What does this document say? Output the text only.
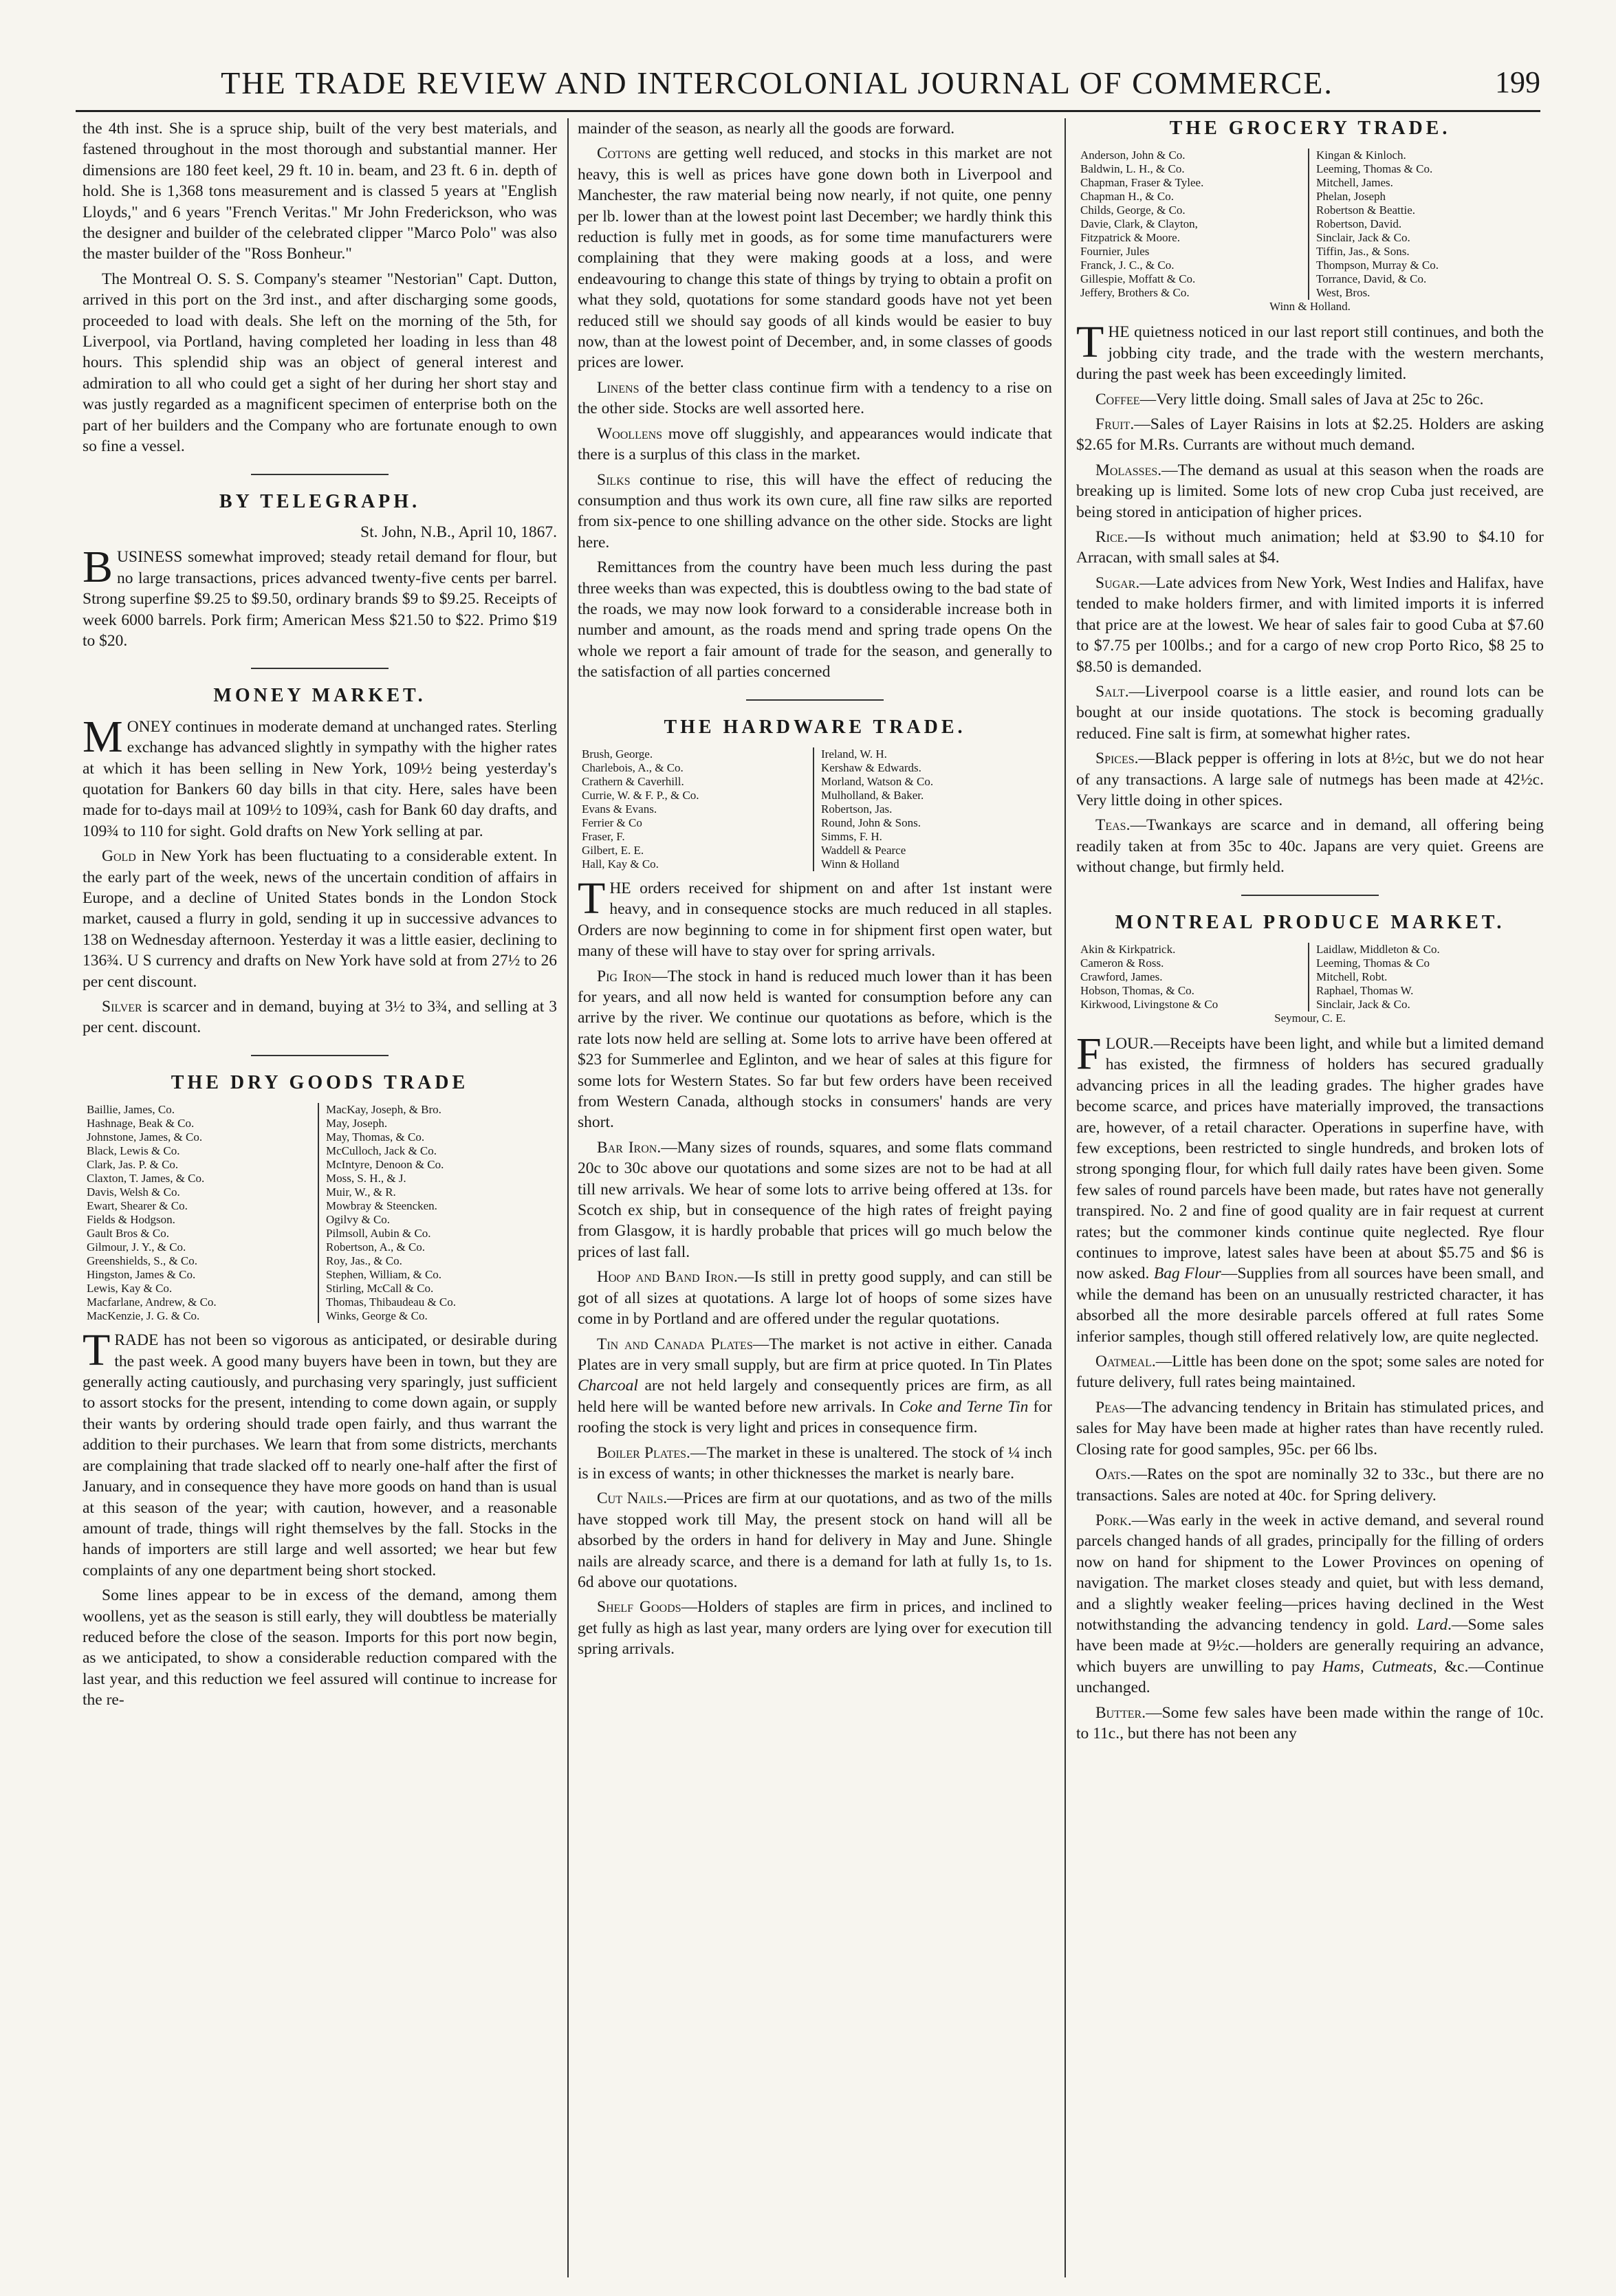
THE TRADE REVIEW AND INTERCOLONIAL JOURNAL OF COMMERCE.	199

the 4th inst. She is a spruce ship, built of the very best materials, and fastened throughout in the most thorough and substantial manner. Her dimensions are 180 feet keel, 29 ft. 10 in. beam, and 23 ft. 6 in. depth of hold. She is 1,368 tons measurement and is classed 5 years at "English Lloyds," and 6 years "French Veritas." Mr John Frederickson, who was the designer and builder of the celebrated clipper "Marco Polo" was also the master builder of the "Ross Bonheur."

The Montreal O. S. S. Company's steamer "Nestorian" Capt. Dutton, arrived in this port on the 3rd inst., and after discharging some goods, proceeded to load with deals. She left on the morning of the 5th, for Liverpool, via Portland, having completed her loading in less than 48 hours. This splendid ship was an object of general interest and admiration to all who could get a sight of her during her short stay and was justly regarded as a magnificent specimen of enterprise both on the part of her builders and the Company who are fortunate enough to own so fine a vessel.

BY TELEGRAPH.

St. John, N.B., April 10, 1867.

BUSINESS somewhat improved; steady retail demand for flour, but no large transactions, prices advanced twenty-five cents per barrel. Strong superfine $9.25 to $9.50, ordinary brands $9 to $9.25. Receipts of week 6000 barrels. Pork firm; American Mess $21.50 to $22. Primo $19 to $20.

MONEY MARKET.

MONEY continues in moderate demand at unchanged rates. Sterling exchange has advanced slightly in sympathy with the higher rates at which it has been selling in New York, 109½ being yesterday's quotation for Bankers 60 day bills in that city. Here, sales have been made for to-days mail at 109½ to 109¾, cash for Bank 60 day drafts, and 109¾ to 110 for sight. Gold drafts on New York selling at par.

Gold in New York has been fluctuating to a considerable extent. In the early part of the week, news of the uncertain condition of affairs in Europe, and a decline of United States bonds in the London Stock market, caused a flurry in gold, sending it up in successive advances to 138 on Wednesday afternoon. Yesterday it was a little easier, declining to 136¾. U S currency and drafts on New York have sold at from 27½ to 26 per cent discount.

Silver is scarcer and in demand, buying at 3½ to 3¾, and selling at 3 per cent. discount.

THE DRY GOODS TRADE
Baillie, James, Co.
Hashnage, Beak & Co.
Johnstone, James, & Co.
Black, Lewis & Co.
Clark, Jas. P. & Co.
Claxton, T. James, & Co.
Davis, Welsh & Co.
Ewart, Shearer & Co.
Fields & Hodgson.
Gault Bros & Co.
Gilmour, J. Y., & Co.
Greenshields, S., & Co.
Hingston, James & Co.
Lewis, Kay & Co.
Macfarlane, Andrew, & Co.
MacKenzie, J. G. & Co.
MacKay, Joseph, & Bro.
May, Joseph.
May, Thomas, & Co.
McCulloch, Jack & Co.
McIntyre, Denoon & Co.
Moss, S. H., & J.
Muir, W., & R.
Mowbray & Steencken.
Ogilvy & Co.
Pilmsoll, Aubin & Co.
Robertson, A., & Co.
Roy, Jas., & Co.
Stephen, William, & Co.
Stirling, McCall & Co.
Thomas, Thibaudeau & Co.
Winks, George & Co.

TRADE has not been so vigorous as anticipated, or desirable during the past week. A good many buyers have been in town, but they are generally acting cautiously, and purchasing very sparingly, just sufficient to assort stocks for the present, intending to come down again, or supply their wants by ordering should trade open fairly, and thus warrant the addition to their purchases. We learn that from some districts, merchants are complaining that trade slacked off to nearly one-half after the first of January, and in consequence they have more goods on hand than is usual at this season of the year; with caution, however, and a reasonable amount of trade, things will right themselves by the fall. Stocks in the hands of importers are still large and well assorted; we hear but few complaints of any one department being short stocked.

Some lines appear to be in excess of the demand, among them woollens, yet as the season is still early, they will doubtless be materially reduced before the close of the season. Imports for this port now begin, as we anticipated, to show a considerable reduction compared with the last year, and this reduction we feel assured will continue to increase for the re-

mainder of the season, as nearly all the goods are forward.

Cottons are getting well reduced, and stocks in this market are not heavy, this is well as prices have gone down both in Liverpool and Manchester, the raw material being now nearly, if not quite, one penny per lb. lower than at the lowest point last December; we hardly think this reduction is fully met in goods, as for some time manufacturers were complaining that they were making goods at a loss, and were endeavouring to change this state of things by trying to obtain a profit on what they sold, quotations for some standard goods have not yet been reduced still we should say goods of all kinds would be easier to buy now, than at the lowest point of December, and, in some classes of goods prices are lower.

Linens of the better class continue firm with a tendency to a rise on the other side. Stocks are well assorted here.

Woollens move off sluggishly, and appearances would indicate that there is a surplus of this class in the market.

Silks continue to rise, this will have the effect of reducing the consumption and thus work its own cure, all fine raw silks are reported from six-pence to one shilling advance on the other side. Stocks are light here.

Remittances from the country have been much less during the past three weeks than was expected, this is doubtless owing to the bad state of the roads, we may now look forward to a considerable increase both in number and amount, as the roads mend and spring trade opens On the whole we report a fair amount of trade for the season, and generally to the satisfaction of all parties concerned

THE HARDWARE TRADE.
Brush, George.
Charlebois, A., & Co.
Crathern & Caverhill.
Currie, W. & F. P., & Co.
Evans & Evans.
Ferrier & Co
Fraser, F.
Gilbert, E. E.
Hall, Kay & Co.
Ireland, W. H.
Kershaw & Edwards.
Morland, Watson & Co.
Mulholland, & Baker.
Robertson, Jas.
Round, John & Sons.
Simms, F. H.
Waddell & Pearce
Winn & Holland

THE orders received for shipment on and after 1st instant were heavy, and in consequence stocks are much reduced in all staples. Orders are now beginning to come in for shipment first open water, but many of these will have to stay over for spring arrivals.

Pig Iron—The stock in hand is reduced much lower than it has been for years, and all now held is wanted for consumption before any can arrive by the river. We continue our quotations as before, which is the rate lots now held are selling at. Some lots to arrive have been offered at $23 for Summerlee and Eglinton, and we hear of sales at this figure for some lots for Western States. So far but few orders have been received from Western Canada, although stocks in consumers' hands are very short.

Bar Iron.—Many sizes of rounds, squares, and some flats command 20c to 30c above our quotations and some sizes are not to be had at all till new arrivals. We hear of some lots to arrive being offered at 13s. for Scotch ex ship, but in consequence of the high rates of freight paying from Glasgow, it is hardly probable that prices will go much below the prices of last fall.

Hoop and Band Iron.—Is still in pretty good supply, and can still be got of all sizes at quotations. A large lot of hoops of some sizes have come in by Portland and are offered under the regular quotations.

Tin and Canada Plates—The market is not active in either. Canada Plates are in very small supply, but are firm at price quoted. In Tin Plates Charcoal are not held largely and consequently prices are firm, as all held here will be wanted before new arrivals. In Coke and Terne Tin for roofing the stock is very light and prices in consequence firm.

Boiler Plates.—The market in these is unaltered. The stock of ¼ inch is in excess of wants; in other thicknesses the market is nearly bare.

Cut Nails.—Prices are firm at our quotations, and as two of the mills have stopped work till May, the present stock on hand will all be absorbed by the orders in hand for delivery in May and June. Shingle nails are already scarce, and there is a demand for lath at fully 1s, to 1s. 6d above our quotations.

Shelf Goods—Holders of staples are firm in prices, and inclined to get fully as high as last year, many orders are lying over for execution till spring arrivals.

THE GROCERY TRADE.
Anderson, John & Co.
Baldwin, L. H., & Co.
Chapman, Fraser & Tylee.
Chapman H., & Co.
Childs, George, & Co.
Davie, Clark, & Clayton,
Fitzpatrick & Moore.
Fournier, Jules
Franck, J. C., & Co.
Gillespie, Moffatt & Co.
Jeffery, Brothers & Co.
Kingan & Kinloch.
Leeming, Thomas & Co.
Mitchell, James.
Phelan, Joseph
Robertson & Beattie.
Robertson, David.
Sinclair, Jack & Co.
Tiffin, Jas., & Sons.
Thompson, Murray & Co.
Torrance, David, & Co.
West, Bros.
Winn & Holland.

THE quietness noticed in our last report still continues, and both the jobbing city trade, and the trade with the western merchants, during the past week has been exceedingly limited.

Coffee—Very little doing. Small sales of Java at 25c to 26c.

Fruit.—Sales of Layer Raisins in lots at $2.25. Holders are asking $2.65 for M.Rs. Currants are without much demand.

Molasses.—The demand as usual at this season when the roads are breaking up is limited. Some lots of new crop Cuba just received, are being stored in anticipation of higher prices.

Rice.—Is without much animation; held at $3.90 to $4.10 for Arracan, with small sales at $4.

Sugar.—Late advices from New York, West Indies and Halifax, have tended to make holders firmer, and with limited imports it is inferred that price are at the lowest. We hear of sales fair to good Cuba at $7.60 to $7.75 per 100lbs.; and for a cargo of new crop Porto Rico, $8 25 to $8.50 is demanded.

Salt.—Liverpool coarse is a little easier, and round lots can be bought at our inside quotations. The stock is becoming gradually reduced. Fine salt is firm, at somewhat higher rates.

Spices.—Black pepper is offering in lots at 8½c, but we do not hear of any transactions. A large sale of nutmegs has been made at 42½c. Very little doing in other spices.

Teas.—Twankays are scarce and in demand, all offering being readily taken at from 35c to 40c. Japans are very quiet. Greens are without change, but firmly held.

MONTREAL PRODUCE MARKET.
Akin & Kirkpatrick.
Cameron & Ross.
Crawford, James.
Hobson, Thomas, & Co.
Kirkwood, Livingstone & Co
Laidlaw, Middleton & Co.
Leeming, Thomas & Co
Mitchell, Robt.
Raphael, Thomas W.
Sinclair, Jack & Co.
Seymour, C. E.

FLOUR.—Receipts have been light, and while but a limited demand has existed, the firmness of holders has secured gradually advancing prices in all the leading grades. The higher grades have become scarce, and prices have materially improved, the transactions are, however, of a retail character. Operations in superfine have, with few exceptions, been restricted to single hundreds, and broken lots of strong sponging flour, for which full daily rates have been given. Some few sales of round parcels have been made, but rates have not generally transpired. No. 2 and fine of good quality are in fair request at current rates; but the commoner kinds continue quite neglected. Rye flour continues to improve, latest sales have been at about $5.75 and $6 is now asked. Bag Flour—Supplies from all sources have been small, and while the demand has been on an unusually restricted character, it has absorbed all the more desirable parcels offered at full rates Some inferior samples, though still offered relatively low, are quite neglected.

Oatmeal.—Little has been done on the spot; some sales are noted for future delivery, full rates being maintained.

Peas—The advancing tendency in Britain has stimulated prices, and sales for May have been made at higher rates than have recently ruled. Closing rate for good samples, 95c. per 66 lbs.

Oats.—Rates on the spot are nominally 32 to 33c., but there are no transactions. Sales are noted at 40c. for Spring delivery.

Pork.—Was early in the week in active demand, and several round parcels changed hands of all grades, principally for the filling of orders now on hand for shipment to the Lower Provinces on opening of navigation. The market closes steady and quiet, but with less demand, and a slightly weaker feeling—prices having declined in the West notwithstanding the advancing tendency in gold. Lard.—Some sales have been made at 9½c.—holders are generally requiring an advance, which buyers are unwilling to pay Hams, Cutmeats, &c.—Continue unchanged.

Butter.—Some few sales have been made within the range of 10c. to 11c., but there has not been any
